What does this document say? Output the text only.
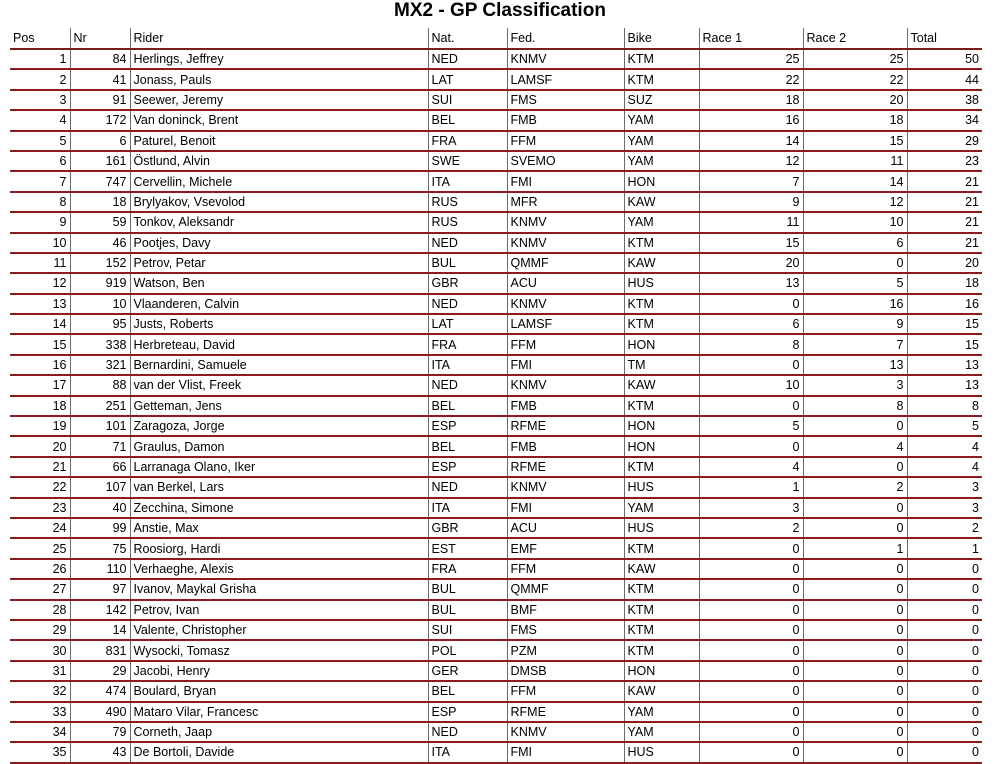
MX2 - GP Classification
Pos	Nr	Rider	Nat.	Fed.	Bike	Race 1	Race 2	Total
1	84	Herlings, Jeffrey	NED	KNMV	KTM	25	25	50
2	41	Jonass, Pauls	LAT	LAMSF	KTM	22	22	44
3	91	Seewer, Jeremy	SUI	FMS	SUZ	18	20	38
4	172	Van doninck, Brent	BEL	FMB	YAM	16	18	34
5	6	Paturel, Benoit	FRA	FFM	YAM	14	15	29
6	161	Östlund, Alvin	SWE	SVEMO	YAM	12	11	23
7	747	Cervellin, Michele	ITA	FMI	HON	7	14	21
8	18	Brylyakov, Vsevolod	RUS	MFR	KAW	9	12	21
9	59	Tonkov, Aleksandr	RUS	KNMV	YAM	11	10	21
10	46	Pootjes, Davy	NED	KNMV	KTM	15	6	21
11	152	Petrov, Petar	BUL	QMMF	KAW	20	0	20
12	919	Watson, Ben	GBR	ACU	HUS	13	5	18
13	10	Vlaanderen, Calvin	NED	KNMV	KTM	0	16	16
14	95	Justs, Roberts	LAT	LAMSF	KTM	6	9	15
15	338	Herbreteau, David	FRA	FFM	HON	8	7	15
16	321	Bernardini, Samuele	ITA	FMI	TM	0	13	13
17	88	van der Vlist, Freek	NED	KNMV	KAW	10	3	13
18	251	Getteman, Jens	BEL	FMB	KTM	0	8	8
19	101	Zaragoza, Jorge	ESP	RFME	HON	5	0	5
20	71	Graulus, Damon	BEL	FMB	HON	0	4	4
21	66	Larranaga Olano, Iker	ESP	RFME	KTM	4	0	4
22	107	van Berkel, Lars	NED	KNMV	HUS	1	2	3
23	40	Zecchina, Simone	ITA	FMI	YAM	3	0	3
24	99	Anstie, Max	GBR	ACU	HUS	2	0	2
25	75	Roosiorg, Hardi	EST	EMF	KTM	0	1	1
26	110	Verhaeghe, Alexis	FRA	FFM	KAW	0	0	0
27	97	Ivanov, Maykal Grisha	BUL	QMMF	KTM	0	0	0
28	142	Petrov, Ivan	BUL	BMF	KTM	0	0	0
29	14	Valente, Christopher	SUI	FMS	KTM	0	0	0
30	831	Wysocki, Tomasz	POL	PZM	KTM	0	0	0
31	29	Jacobi, Henry	GER	DMSB	HON	0	0	0
32	474	Boulard, Bryan	BEL	FFM	KAW	0	0	0
33	490	Mataro Vilar, Francesc	ESP	RFME	YAM	0	0	0
34	79	Corneth, Jaap	NED	KNMV	YAM	0	0	0
35	43	De Bortoli, Davide	ITA	FMI	HUS	0	0	0
